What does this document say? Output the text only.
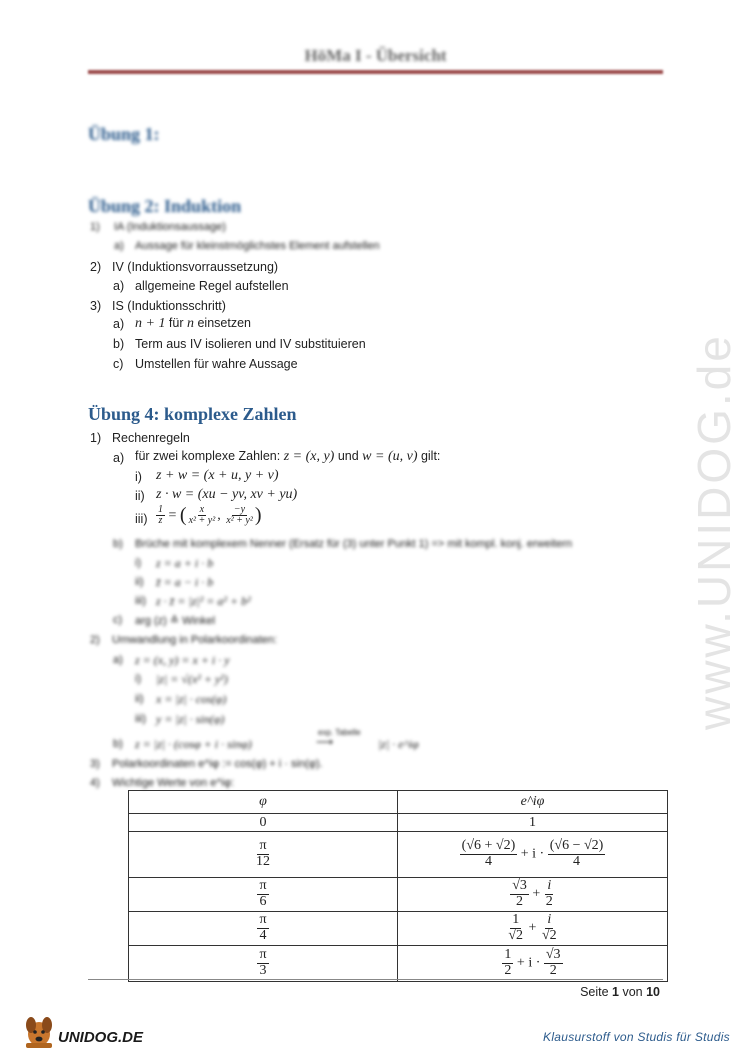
HöMa I - Übersicht
www.UNIDOG.de
Übung 1:
Übung 2: Induktion
1) IA (Induktionsaussage)
a) Aussage für kleinstmöglichstes Element aufstellen
2) IV (Induktionsvorraussetzung)
a) allgemeine Regel aufstellen
3) IS (Induktionsschritt)
a) n + 1 für n einsetzen
b) Term aus IV isolieren und IV substituieren
c) Umstellen für wahre Aussage
Übung 4: komplexe Zahlen
1) Rechenregeln
a) für zwei komplexe Zahlen: z = (x, y) und w = (u, v) gilt:
i) z + w = (x + u, y + v)
ii) z · w = (xu − yv, xv + yu)
$iii) \frac{1}{z}$ = ( $\frac{x}{\text{x² + y²}}$ , $\frac{-y}{\text{x² + y²}}$ )
b) Brüche mit komplexem Nenner (Ersatz für (3) unter Punkt 1) => mit kompl. konj. erweitern
i) z = a + i · b
ii) z̄ = a − i · b
iii) z · z̄ = |z|² = a² + b²
c) arg (z) ≙ Winkel
2) Umwandlung in Polarkoordinaten:
a) z = (x, y) = x + i · y
i) |z| = √(x² + y²)
ii) x = |z| · cos(φ)
iii) y = |z| · sin(φ)
b) z = |z| · (cosφ + i · sinφ)
exp. Tabelle
⟶	|z| · e^iφ
3) Polarkoordinaten e^iφ := cos(φ) + i · sin(φ).
4) Wichtige Werte von e^iφ:
φ	e^iφ
0	1

$\frac{\pi}{12}$	$\frac{(√6 + √2)}{4} + i \cdot \frac{(√6 - √2)}{4}$

$\frac{\pi}{6}$	$\frac{√3}{2} + \frac{i}{2}$

$\frac{\pi}{4}$	$\frac{1}{√2} + \frac{i}{√2}$

$\frac{\pi}{3}$	$\frac{1}{2} + i \cdot \frac{√3}{2}$
Seite 1 von 10
UNIDOG.DE	Klausurstoff von Studis für Studis
